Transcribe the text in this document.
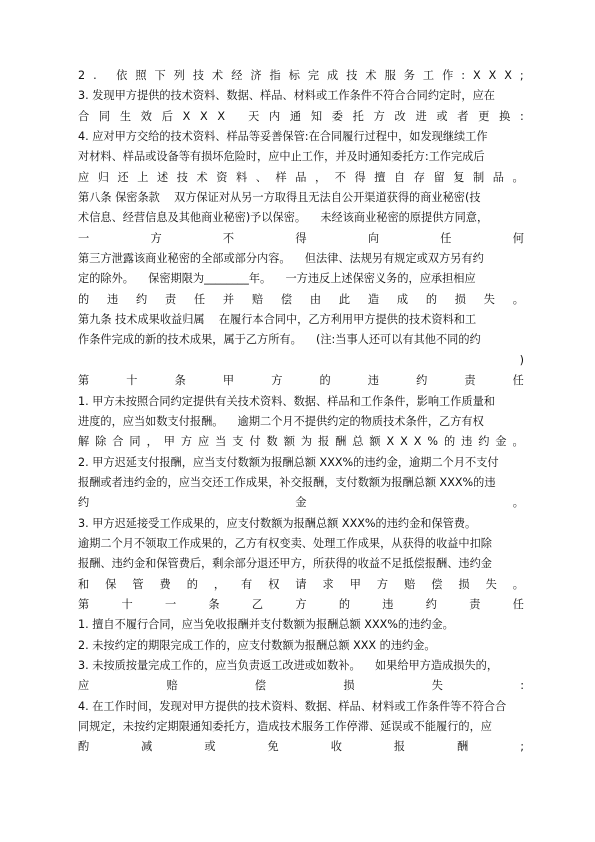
2 .
依 照 下 列 技 术 经 济 指 标 完 成 技 术 服 务 工 作 : X X X ;
3. 发现甲方提供的技术资料、数据、样品、材料或工作条件不符合合同约定时，应在
合 同 生 效 后 X X X
天 内 通 知 委 托 方 改 进 或 者 更 换 :
4. 应对甲方交给的技术资料、样品等妥善保管:在合同履行过程中，如发现继续工作
对材料、样品或设备等有损坏危险时，应中止工作，并及时通知委托方:工作完成后
应 归 还 上 述 技 术 资 料 、 样 品 ， 不 得 擅 自 存 留 复 制 品 。
第八条 保密条款    双方保证对从另一方取得且无法自公开渠道获得的商业秘密(技
术信息、经营信息及其他商业秘密)予以保密。    未经该商业秘密的原提供方同意，
一	方	不	得	向	任	何
第三方泄露该商业秘密的全部或部分内容。    但法律、法规另有规定或双方另有约
定的除外。    保密期限为________年。    一方违反上述保密义务的，应承担相应
的 违 约 责 任 并 赔 偿 由 此 造 成 的 损 失 。
第九条 技术成果收益归属    在履行本合同中，乙方利用甲方提供的技术资料和工
作条件完成的新的技术成果，属于乙方所有。    (注:当事人还可以有其他不同的约
)
第	十	条	甲	方	的	违	约	责	任
1. 甲方未按照合同约定提供有关技术资料、数据、样品和工作条件，影响工作质量和
进度的，应当如数支付报酬。    逾期二个月不提供约定的物质技术条件，乙方有权
解 除 合 同 ， 甲 方 应 当 支 付 数 额 为 报 酬 总 额 X X X % 的 违 约 金 。
2. 甲方迟延支付报酬，应当支付数额为报酬总额 XXX%的违约金，逾期二个月不支付
报酬或者违约金的，应当交还工作成果，补交报酬，支付数额为报酬总额 XXX%的违
约	金	。
3. 甲方迟延接受工作成果的，应支付数额为报酬总额 XXX%的违约金和保管费。
逾期二个月不领取工作成果的，乙方有权变卖、处理工作成果，从获得的收益中扣除
报酬、违约金和保管费后，剩余部分退还甲方，所获得的收益不足抵偿报酬、违约金
和 保 管 费 的 ， 有 权 请 求 甲 方 赔 偿 损 失 。
第	十	一	条	乙	方	的	违	约	责	任
1. 擅自不履行合同，应当免收报酬并支付数额为报酬总额 XXX%的违约金。
2. 未按约定的期限完成工作的，应支付数额为报酬总额 XXX 的违约金。
3. 未按质按量完成工作的，应当负责返工改进或如数补。    如果给甲方造成损失的，
应	赔	偿	损	失	:
4. 在工作时间，发现对甲方提供的技术资料、数据、样品、材料或工作条件等不符合合
同规定，未按约定期限通知委托方，造成技术服务工作停滞、延误或不能履行的，应
酌	减	或	免	收	报	酬	;
